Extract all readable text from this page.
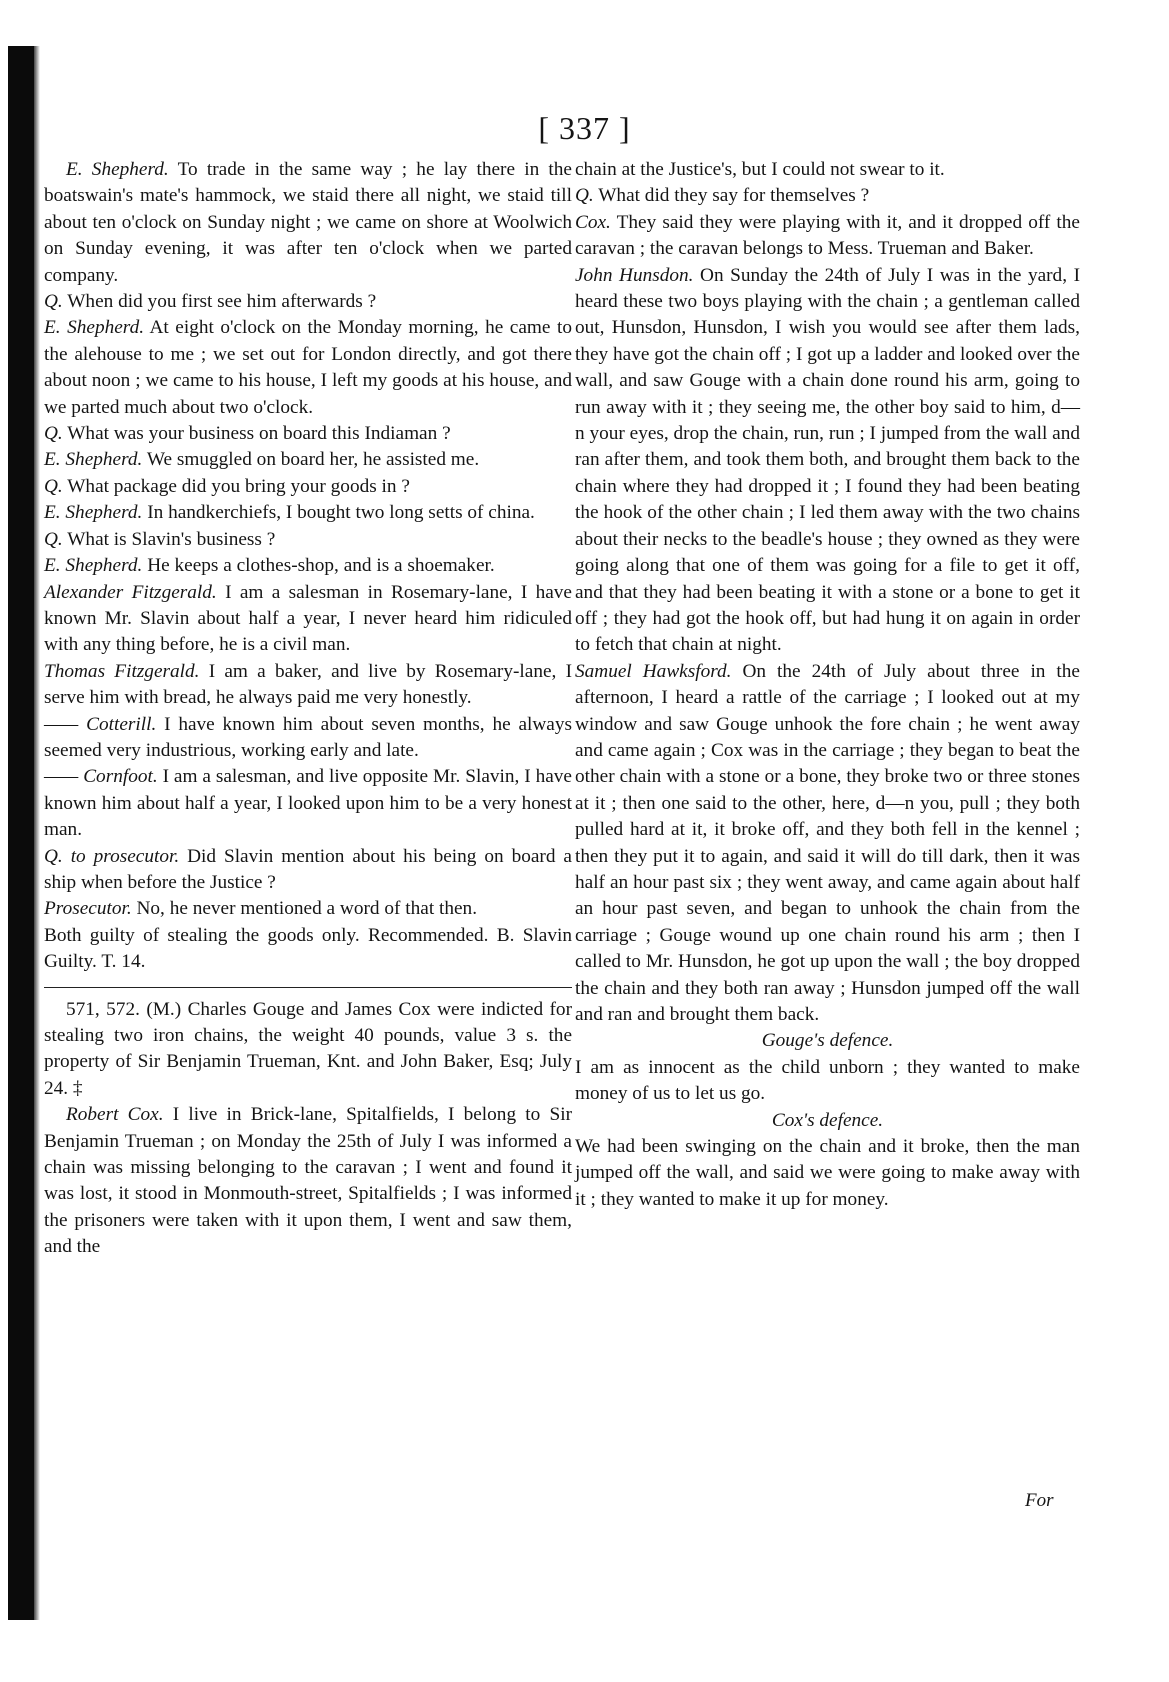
[ 337 ]

E. Shepherd. To trade in the same way ; he lay there in the boatswain's mate's hammock, we staid there all night, we staid till about ten o'clock on Sunday night ; we came on shore at Woolwich on Sunday evening, it was after ten o'clock when we parted company.

Q. When did you first see him afterwards ?

E. Shepherd. At eight o'clock on the Monday morning, he came to the alehouse to me ; we set out for London directly, and got there about noon ; we came to his house, I left my goods at his house, and we parted much about two o'clock.

Q. What was your business on board this Indiaman ?

E. Shepherd. We smuggled on board her, he assisted me.

Q. What package did you bring your goods in ?

E. Shepherd. In handkerchiefs, I bought two long setts of china.

Q. What is Slavin's business ?

E. Shepherd. He keeps a clothes-shop, and is a shoemaker.

Alexander Fitzgerald. I am a salesman in Rosemary-lane, I have known Mr. Slavin about half a year, I never heard him ridiculed with any thing before, he is a civil man.

Thomas Fitzgerald. I am a baker, and live by Rosemary-lane, I serve him with bread, he always paid me very honestly.

—— Cotterill. I have known him about seven months, he always seemed very industrious, working early and late.

—— Cornfoot. I am a salesman, and live opposite Mr. Slavin, I have known him about half a year, I looked upon him to be a very honest man.

Q. to prosecutor. Did Slavin mention about his being on board a ship when before the Justice ?

Prosecutor. No, he never mentioned a word of that then.

Both guilty of stealing the goods only. Recommended. B. Slavin Guilty. T. 14.

571, 572. (M.) Charles Gouge and James Cox were indicted for stealing two iron chains, the weight 40 pounds, value 3 s. the property of Sir Benjamin Trueman, Knt. and John Baker, Esq; July 24. ‡

Robert Cox. I live in Brick-lane, Spitalfields, I belong to Sir Benjamin Trueman ; on Monday the 25th of July I was informed a chain was missing belonging to the caravan ; I went and found it was lost, it stood in Monmouth-street, Spitalfields ; I was informed the prisoners were taken with it upon them, I went and saw them, and the

chain at the Justice's, but I could not swear to it.

Q. What did they say for themselves ?

Cox. They said they were playing with it, and it dropped off the caravan ; the caravan belongs to Mess. Trueman and Baker.

John Hunsdon. On Sunday the 24th of July I was in the yard, I heard these two boys playing with the chain ; a gentleman called out, Hunsdon, Hunsdon, I wish you would see after them lads, they have got the chain off ; I got up a ladder and looked over the wall, and saw Gouge with a chain done round his arm, going to run away with it ; they seeing me, the other boy said to him, d—n your eyes, drop the chain, run, run ; I jumped from the wall and ran after them, and took them both, and brought them back to the chain where they had dropped it ; I found they had been beating the hook of the other chain ; I led them away with the two chains about their necks to the beadle's house ; they owned as they were going along that one of them was going for a file to get it off, and that they had been beating it with a stone or a bone to get it off ; they had got the hook off, but had hung it on again in order to fetch that chain at night.

Samuel Hawksford. On the 24th of July about three in the afternoon, I heard a rattle of the carriage ; I looked out at my window and saw Gouge unhook the fore chain ; he went away and came again ; Cox was in the carriage ; they began to beat the other chain with a stone or a bone, they broke two or three stones at it ; then one said to the other, here, d—n you, pull ; they both pulled hard at it, it broke off, and they both fell in the kennel ; then they put it to again, and said it will do till dark, then it was half an hour past six ; they went away, and came again about half an hour past seven, and began to unhook the chain from the carriage ; Gouge wound up one chain round his arm ; then I called to Mr. Hunsdon, he got up upon the wall ; the boy dropped the chain and they both ran away ; Hunsdon jumped off the wall and ran and brought them back.

Gouge's defence.

I am as innocent as the child unborn ; they wanted to make money of us to let us go.

Cox's defence.

We had been swinging on the chain and it broke, then the man jumped off the wall, and said we were going to make away with it ; they wanted to make it up for money.

For
